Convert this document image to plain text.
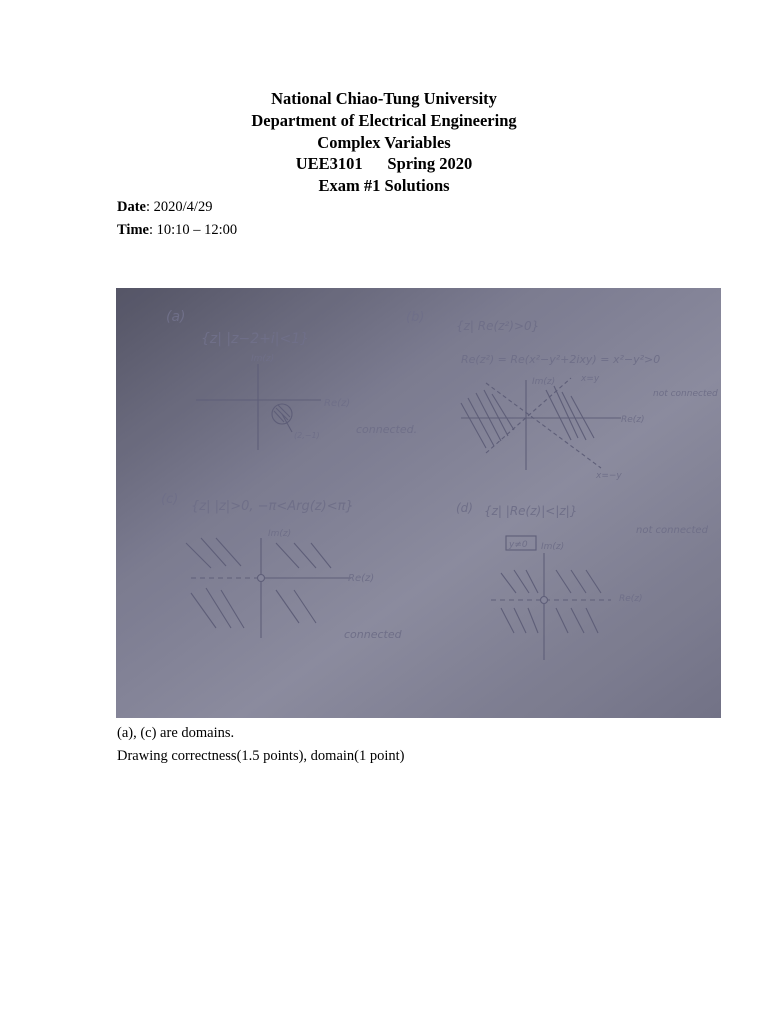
National Chiao-Tung University
Department of Electrical Engineering
Complex Variables
UEE3101      Spring 2020
Exam #1 Solutions
Date: 2020/4/29
Time: 10:10 – 12:00
(a)
{z| |z−2+i|<1}
Im(z)
Re(z)
(2,−1)	connected.
(b)
{z| Re(z²)>0}
Re(z²) = Re(x²−y²+2ixy) = x²−y²>0
Im(z)
Re(z)
x=y
x=−y
not connected
(c) {z| |z|>0, −π<Arg(z)<π}
Im(z)
Re(z)
connected
(d) {z| |Re(z)|<|z|}
y≠0 Im(z)
Re(z)
not connected
(a), (c) are domains.
Drawing correctness(1.5 points), domain(1 point)
